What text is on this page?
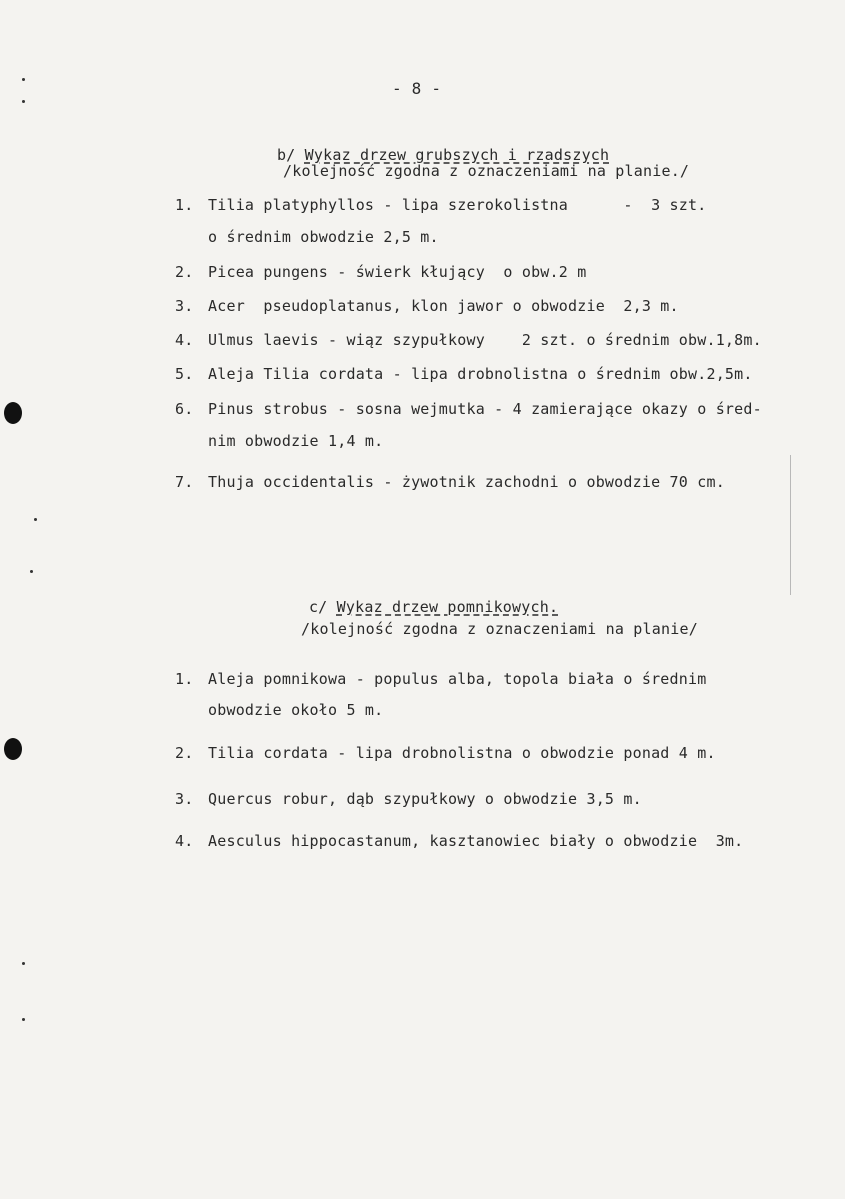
- 8 -

b/ Wykaz drzew grubszych i rzadszych

/kolejność zgodna z oznaczeniami na planie./
1. Tilia platyphyllos - lipa szerokolistna      -  3 szt.
o średnim obwodzie 2,5 m.
2. Picea pungens - świerk kłujący  o obw.2 m
3. Acer  pseudoplatanus, klon jawor o obwodzie  2,3 m.
4. Ulmus laevis - wiąz szypułkowy    2 szt. o średnim obw.1,8m.
5. Aleja Tilia cordata - lipa drobnolistna o średnim obw.2,5m.
6. Pinus strobus - sosna wejmutka - 4 zamierające okazy o śred-
nim obwodzie 1,4 m.
7. Thuja occidentalis - żywotnik zachodni o obwodzie 70 cm.

c/ Wykaz drzew pomnikowych.

/kolejność zgodna z oznaczeniami na planie/
1. Aleja pomnikowa - populus alba, topola biała o średnim
obwodzie około 5 m.
2. Tilia cordata - lipa drobnolistna o obwodzie ponad 4 m.
3. Quercus robur, dąb szypułkowy o obwodzie 3,5 m.
4. Aesculus hippocastanum, kasztanowiec biały o obwodzie  3m.
